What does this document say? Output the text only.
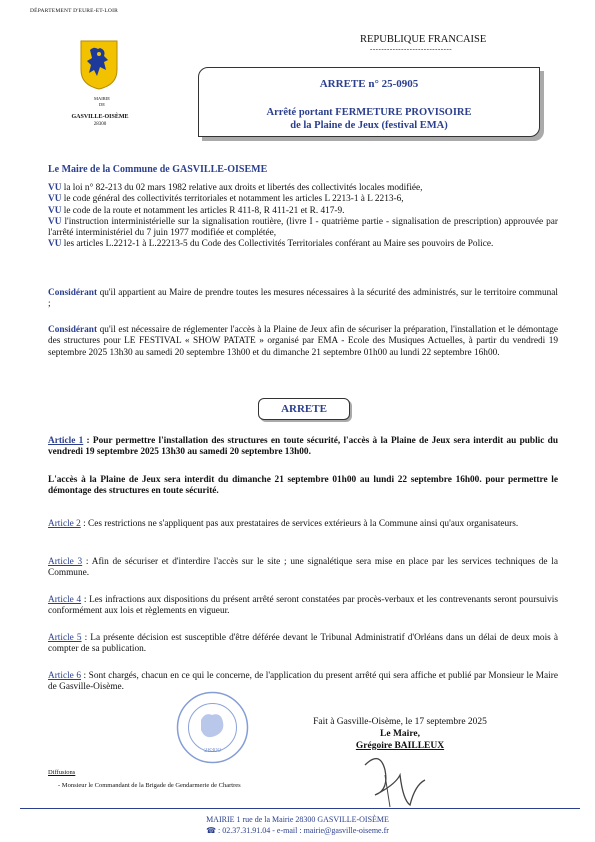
DÉPARTEMENT D'EURE-ET-LOIR
MAIRIE
DE
GASVILLE-OISÈME
28300
REPUBLIQUE FRANCAISE
-----------------------------
ARRETE n° 25-0905
Arrêté portant FERMETURE PROVISOIRE
de la Plaine de Jeux (festival EMA)
Le Maire de la Commune de GASVILLE-OISEME
VU la loi n° 82-213 du 02 mars 1982 relative aux droits et libertés des collectivités locales modifiée,
VU le code général des collectivités territoriales et notamment les articles L 2213-1 à L 2213-6,
VU le code de la route et notamment les articles R 411-8, R 411-21 et R. 417-9.
VU l'instruction interministérielle sur la signalisation routière, (livre I - quatrième partie - signalisation de prescription) approuvée par l'arrêté interministériel du 7 juin 1977 modifiée et complétée,
VU les articles L.2212-1 à L.22213-5 du Code des Collectivités Territoriales conférant au Maire ses pouvoirs de Police.
Considérant qu'il appartient au Maire de prendre toutes les mesures nécessaires à la sécurité des administrés, sur le territoire communal ;
Considérant qu'il est nécessaire de réglementer l'accès à la Plaine de Jeux afin de sécuriser la préparation, l'installation et le démontage des structures pour LE FESTIVAL « SHOW PATATE » organisé par EMA - Ecole des Musiques Actuelles, à partir du vendredi 19 septembre 2025 13h30 au samedi 20 septembre 13h00 et du dimanche 21 septembre 01h00 au lundi 22 septembre 16h00.
ARRETE
Article 1 : Pour permettre l'installation des structures en toute sécurité, l'accès à la Plaine de Jeux sera interdit au public du vendredi 19 septembre 2025 13h30 au samedi 20 septembre 13h00.
L'accès à la Plaine de Jeux sera interdit du dimanche 21 septembre 01h00 au lundi 22 septembre 16h00. pour permettre le démontage des structures en toute sécurité.
Article 2 : Ces restrictions ne s'appliquent pas aux prestataires de services extérieurs à la Commune ainsi qu'aux organisateurs.
Article 3 : Afin de sécuriser et d'interdire l'accès sur le site ; une signalétique sera mise en place par les services techniques de la Commune.
Article 4 : Les infractions aux dispositions du présent arrêté seront constatées par procès-verbaux et les contrevenants seront poursuivis conformément aux lois et règlements en vigueur.
Article 5 : La présente décision est susceptible d'être déférée devant le Tribunal Administratif d'Orléans dans un délai de deux mois à compter de sa publication.
Article 6 : Sont chargés, chacun en ce qui le concerne, de l'application du present arrêté qui sera affiche et publié par Monsieur le Maire de Gasville-Oisème.
28300
Fait à Gasville-Oisème, le 17 septembre 2025
Le Maire,
Grégoire BAILLEUX
Diffusions
- Monsieur le Commandant de la Brigade de Gendarmerie de Chartres
MAIRIE 1 rue de la Mairie 28300 GASVILLE-OISÈME
☎ : 02.37.31.91.04 - e-mail : mairie@gasville-oiseme.fr
